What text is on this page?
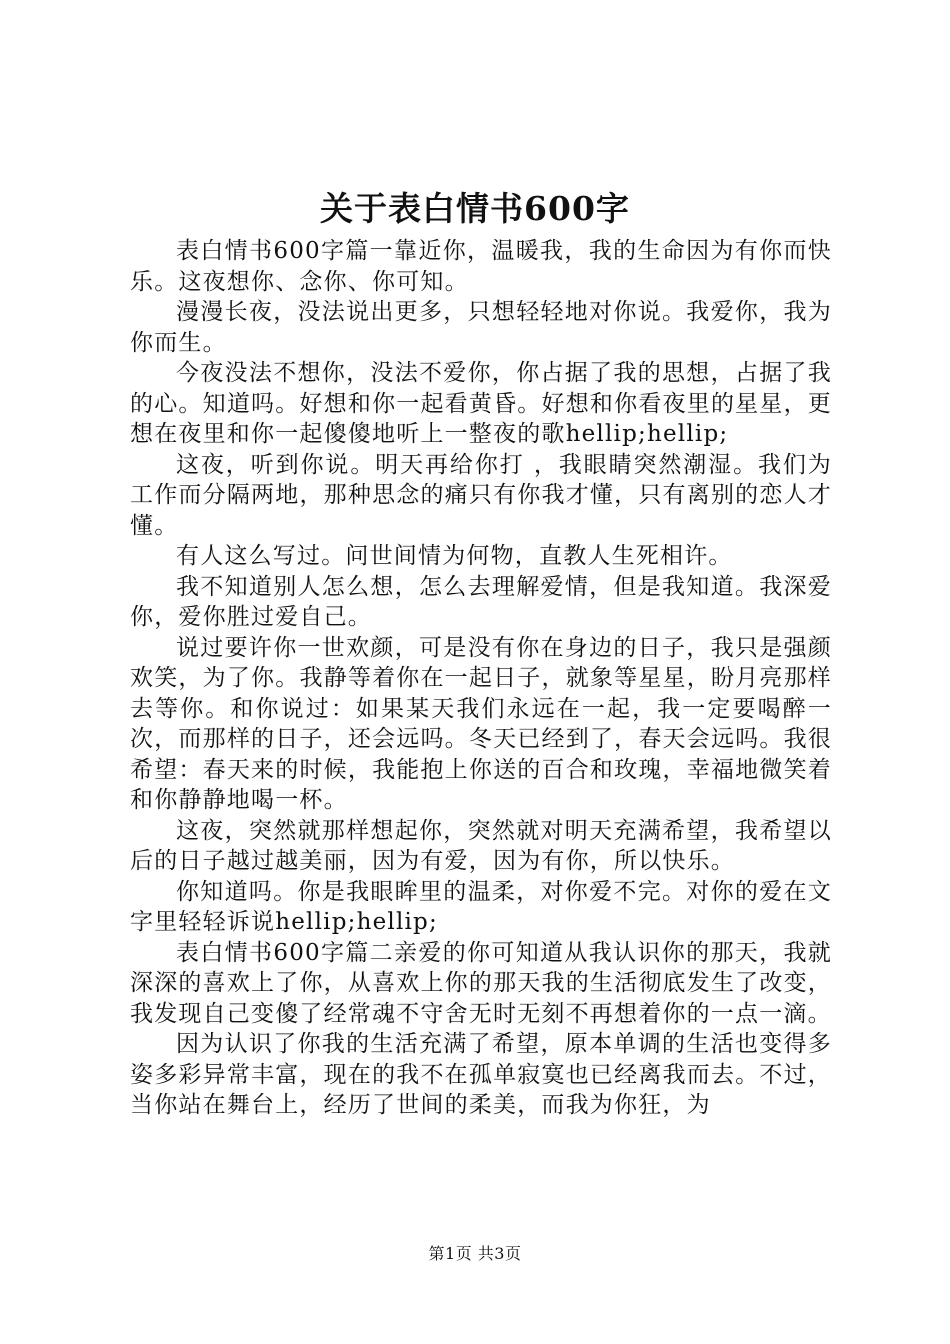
关于表白情书600字

表白情书600字篇一靠近你，温暖我，我的生命因为有你而快乐。这夜想你、念你、你可知。

漫漫长夜，没法说出更多，只想轻轻地对你说。我爱你，我为你而生。

今夜没法不想你，没法不爱你，你占据了我的思想，占据了我的心。知道吗。好想和你一起看黄昏。好想和你看夜里的星星，更想在夜里和你一起傻傻地听上一整夜的歌hellip;hellip;

这夜，听到你说。明天再给你打 ，我眼睛突然潮湿。我们为工作而分隔两地，那种思念的痛只有你我才懂，只有离别的恋人才懂。

有人这么写过。问世间情为何物，直教人生死相许。

我不知道别人怎么想，怎么去理解爱情，但是我知道。我深爱你，爱你胜过爱自己。

说过要许你一世欢颜，可是没有你在身边的日子，我只是强颜欢笑，为了你。我静等着你在一起日子，就象等星星，盼月亮那样去等你。和你说过：如果某天我们永远在一起，我一定要喝醉一次，而那样的日子，还会远吗。冬天已经到了，春天会远吗。我很希望：春天来的时候，我能抱上你送的百合和玫瑰，幸福地微笑着和你静静地喝一杯。

这夜，突然就那样想起你，突然就对明天充满希望，我希望以后的日子越过越美丽，因为有爱，因为有你，所以快乐。

你知道吗。你是我眼眸里的温柔，对你爱不完。对你的爱在文字里轻轻诉说hellip;hellip;

表白情书600字篇二亲爱的你可知道从我认识你的那天，我就深深的喜欢上了你，从喜欢上你的那天我的生活彻底发生了改变，我发现自己变傻了经常魂不守舍无时无刻不再想着你的一点一滴。

因为认识了你我的生活充满了希望，原本单调的生活也变得多姿多彩异常丰富，现在的我不在孤单寂寞也已经离我而去。不过，当你站在舞台上，经历了世间的柔美，而我为你狂，为

第1页 共3页
